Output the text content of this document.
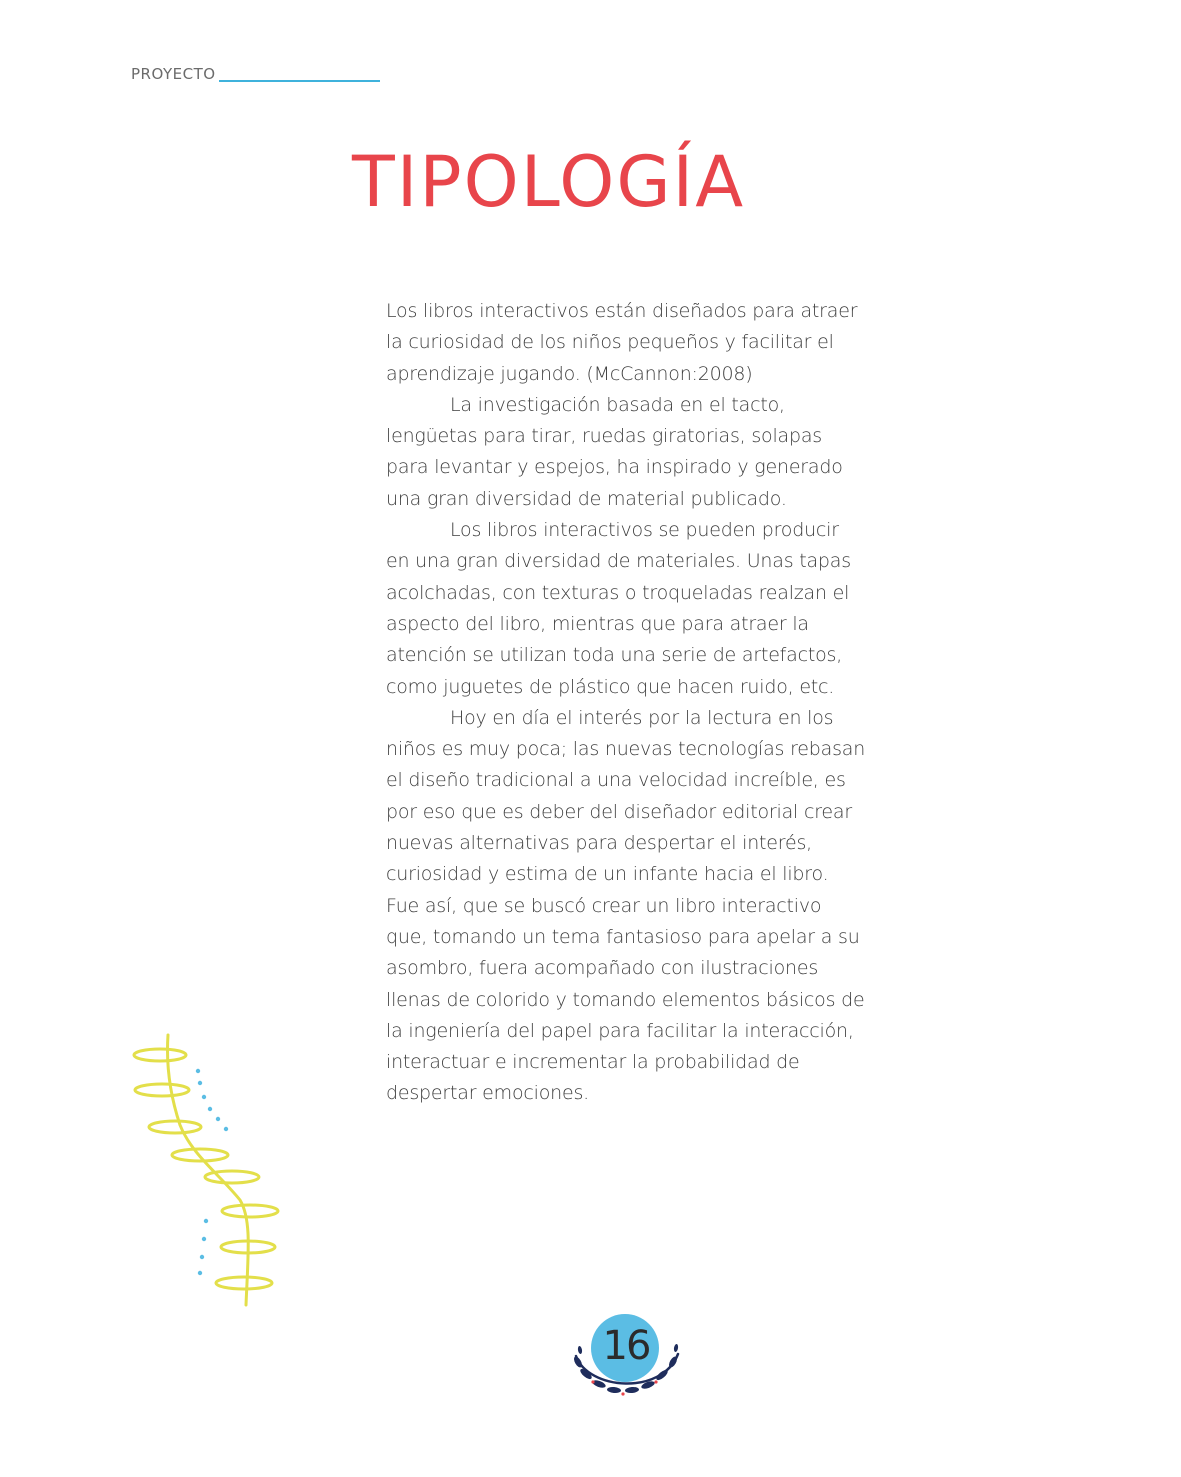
PROYECTO
TIPOLOGÍA

Los libros interactivos están diseñados para atraer la curiosidad de los niños pequeños y facilitar el aprendizaje jugando. (McCannon:2008)

La investigación basada en el tacto, lengüetas para tirar, ruedas giratorias, solapas para levantar y espejos, ha inspirado y generado una gran diversidad de material publicado.

Los libros interactivos se pueden producir en una gran diversidad de materiales. Unas tapas acolchadas, con texturas o troqueladas realzan el aspecto del libro, mientras que para atraer la atención se utilizan toda una serie de artefactos, como juguetes de plástico que hacen ruido, etc.

Hoy en día el interés por la lectura en los niños es muy poca; las nuevas tecnologías rebasan el diseño tradicional a una velocidad increíble, es por eso que es deber del diseñador editorial crear nuevas alternativas para despertar el interés, curiosidad y estima de un infante hacia el libro. Fue así, que se buscó crear un libro interactivo que, tomando un tema fantasioso para apelar a su asombro, fuera acompañado con ilustraciones llenas de colorido y tomando elementos básicos de la ingeniería del papel para facilitar la interacción, interactuar e incrementar la probabilidad de despertar emociones.

16
